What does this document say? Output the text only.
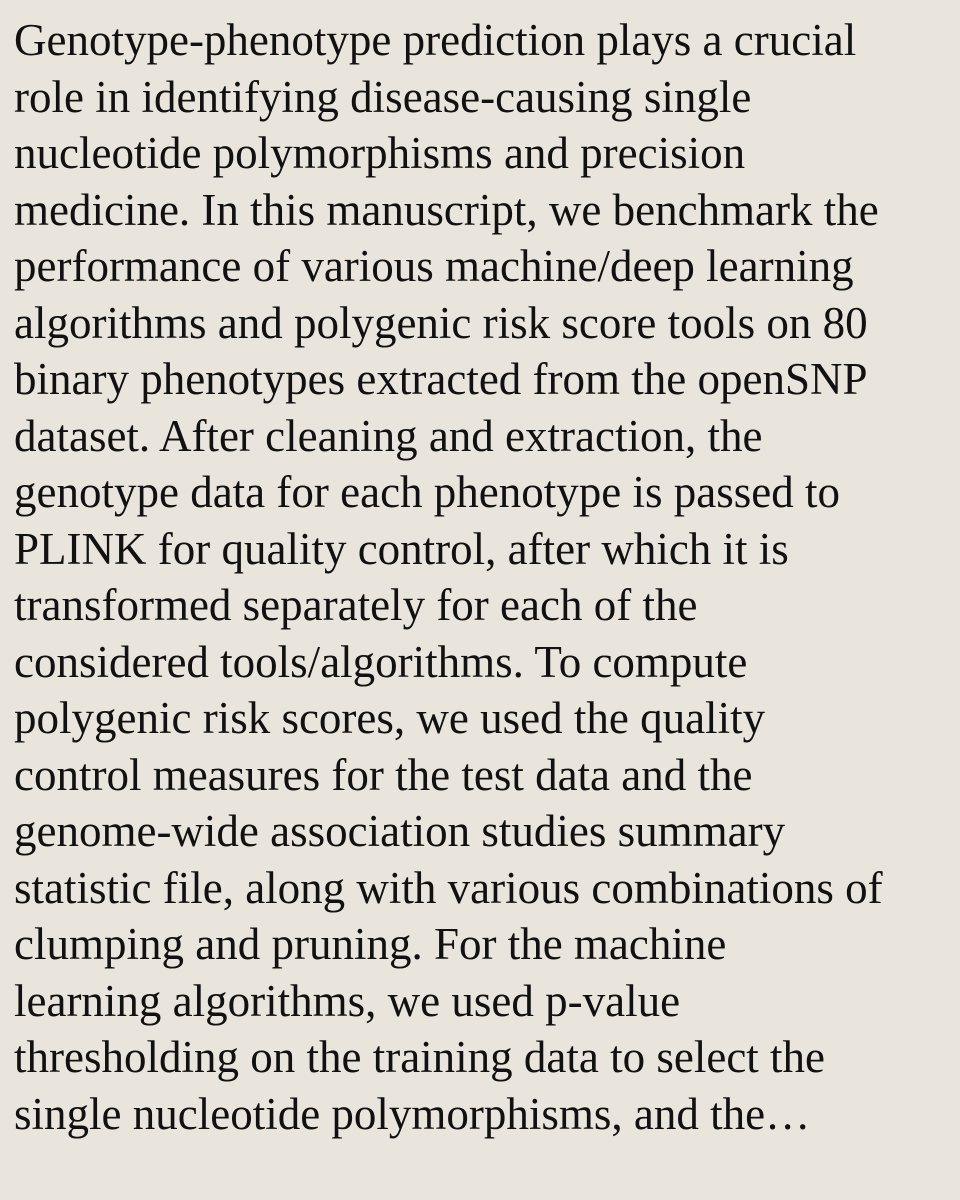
Genotype-phenotype prediction plays a crucial
role in identifying disease-causing single
nucleotide polymorphisms and precision
medicine. In this manuscript, we benchmark the
performance of various machine/deep learning
algorithms and polygenic risk score tools on 80
binary phenotypes extracted from the openSNP
dataset. After cleaning and extraction, the
genotype data for each phenotype is passed to
PLINK for quality control, after which it is
transformed separately for each of the
considered tools/algorithms. To compute
polygenic risk scores, we used the quality
control measures for the test data and the
genome-wide association studies summary
statistic file, along with various combinations of
clumping and pruning. For the machine
learning algorithms, we used p-value
thresholding on the training data to select the
single nucleotide polymorphisms, and the…
